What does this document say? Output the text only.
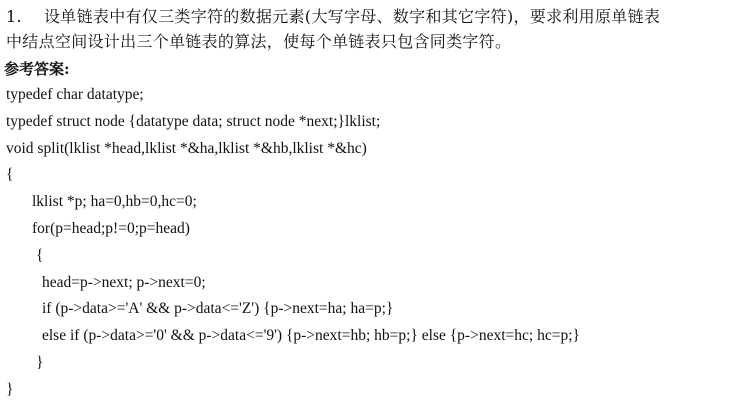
1. 设单链表中有仅三类字符的数据元素(大写字母、数字和其它字符)，要求利用原单链表
中结点空间设计出三个单链表的算法，使每个单链表只包含同类字符。
参考答案:
typedef char datatype;
typedef struct node {datatype data; struct node *next;}lklist;
void split(lklist *head,lklist *&ha,lklist *&hb,lklist *&hc)
{
lklist *p; ha=0,hb=0,hc=0;
for(p=head;p!=0;p=head)
{
head=p->next; p->next=0;
if (p->data>='A' && p->data<='Z') {p->next=ha; ha=p;}
else if (p->data>='0' && p->data<='9') {p->next=hb; hb=p;} else {p->next=hc; hc=p;}
}
}
